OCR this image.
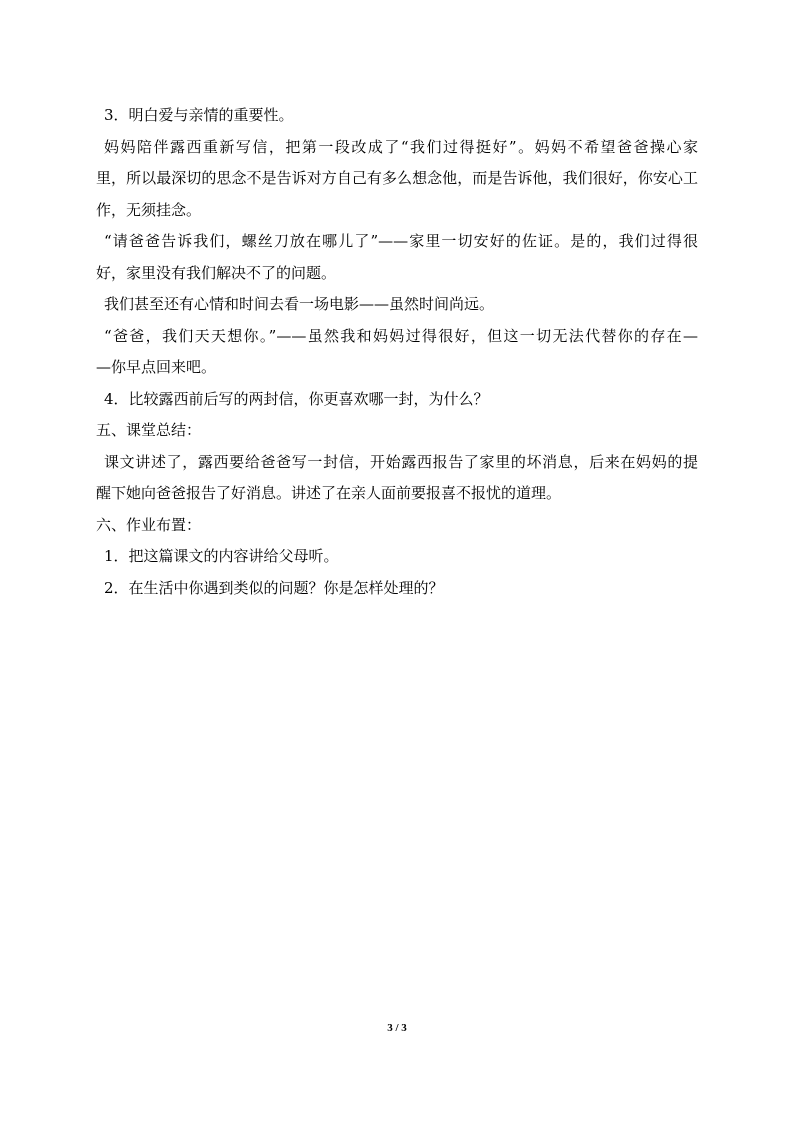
3．明白爱与亲情的重要性。
妈妈陪伴露西重新写信，把第一段改成了“我们过得挺好”。妈妈不希望爸爸操心家
里，所以最深切的思念不是告诉对方自己有多么想念他，而是告诉他，我们很好，你安心工
作，无须挂念。
“请爸爸告诉我们，螺丝刀放在哪儿了”——家里一切安好的佐证。是的，我们过得很
好，家里没有我们解决不了的问题。
我们甚至还有心情和时间去看一场电影——虽然时间尚远。
“爸爸，我们天天想你。”——虽然我和妈妈过得很好，但这一切无法代替你的存在—
—你早点回来吧。
4．比较露西前后写的两封信，你更喜欢哪一封，为什么？
五、课堂总结：
课文讲述了，露西要给爸爸写一封信，开始露西报告了家里的坏消息，后来在妈妈的提
醒下她向爸爸报告了好消息。讲述了在亲人面前要报喜不报忧的道理。
六、作业布置：
1．把这篇课文的内容讲给父母听。
2．在生活中你遇到类似的问题？你是怎样处理的？
3 / 3
